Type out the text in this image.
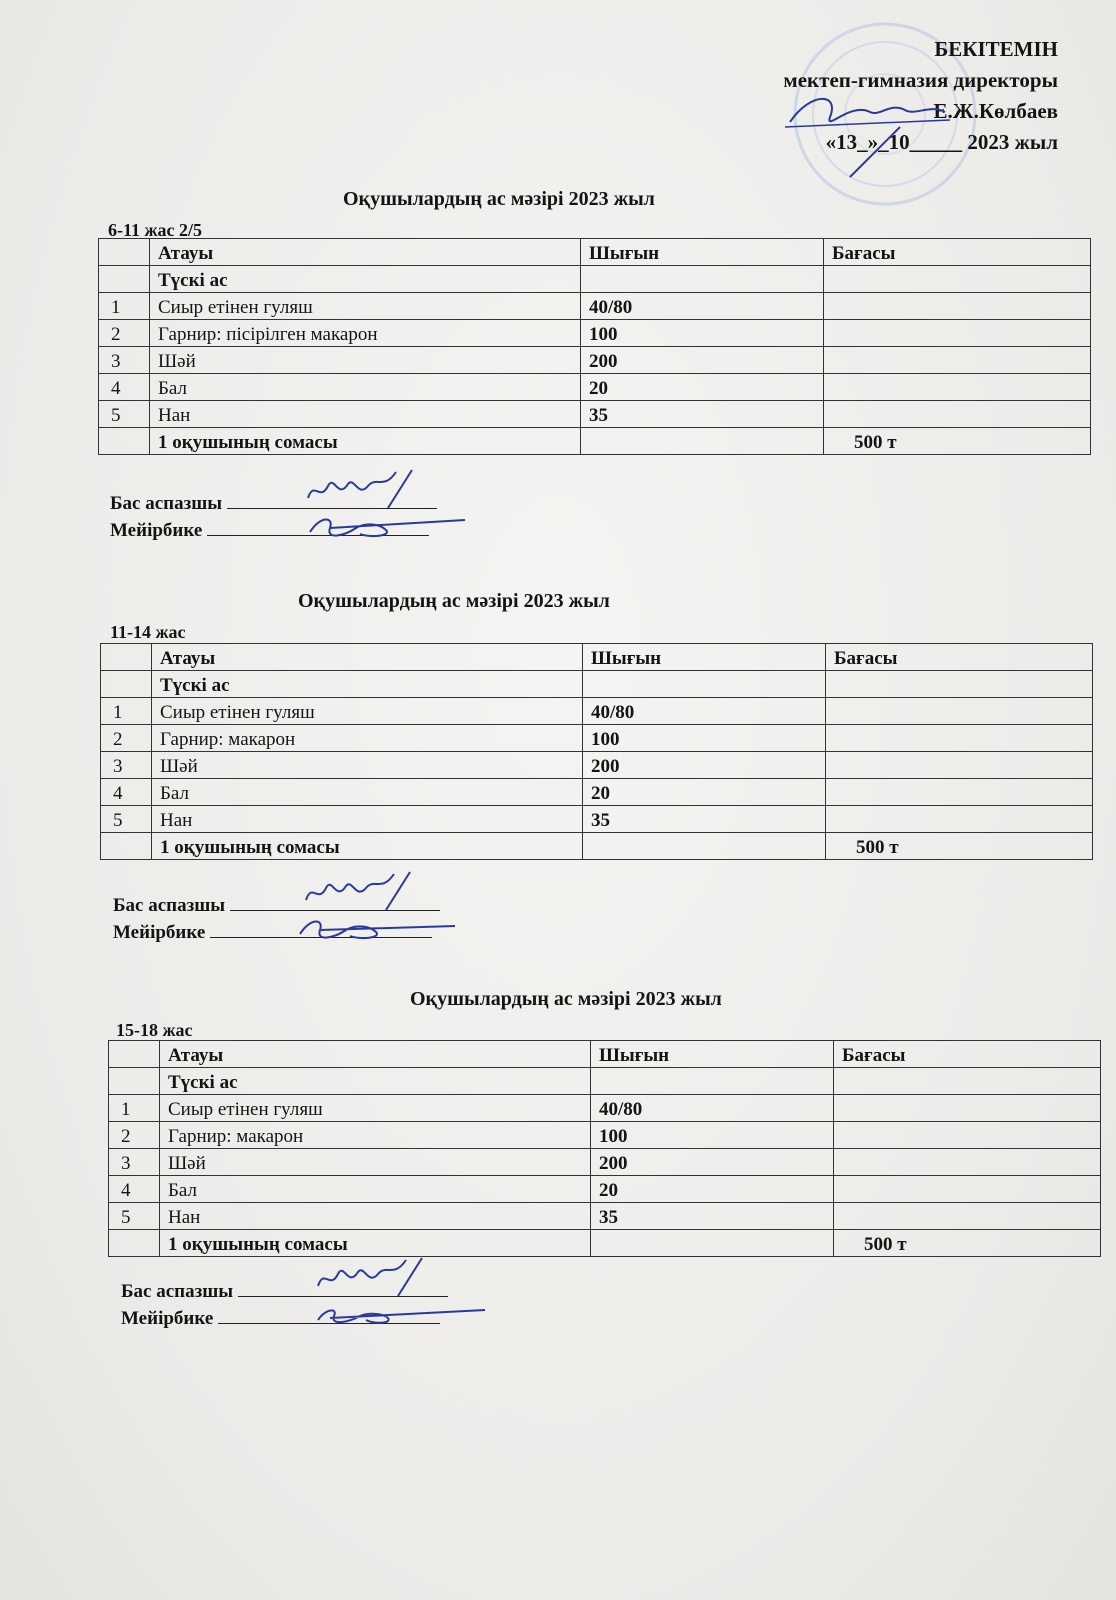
БЕКІТЕМІН
мектеп-гимназия директоры
Е.Ж.Көлбаев
«13_»_10_____ 2023 жыл
Оқушылардың ас мәзірі 2023 жыл
6-11 жас 2/5
	Атауы	Шығын	Бағасы
	Түскі ас		
1	Сиыр етінен гуляш	40/80	
2	Гарнир: пісірілген макарон	100	
3	Шәй	200	
4	Бал	20	
5	Нан	35	
	1 оқушының сомасы		500 т
Бас аспазшы
Мейірбике
Оқушылардың ас мәзірі 2023 жыл
11-14 жас
	Атауы	Шығын	Бағасы
	Түскі ас		
1	Сиыр етінен гуляш	40/80	
2	Гарнир: макарон	100	
3	Шәй	200	
4	Бал	20	
5	Нан	35	
	1 оқушының сомасы		500 т
Бас аспазшы
Мейірбике
Оқушылардың ас мәзірі 2023 жыл
15-18 жас
	Атауы	Шығын	Бағасы
	Түскі ас		
1	Сиыр етінен гуляш	40/80	
2	Гарнир: макарон	100	
3	Шәй	200	
4	Бал	20	
5	Нан	35	
	1 оқушының сомасы		500 т
Бас аспазшы
Мейірбике
